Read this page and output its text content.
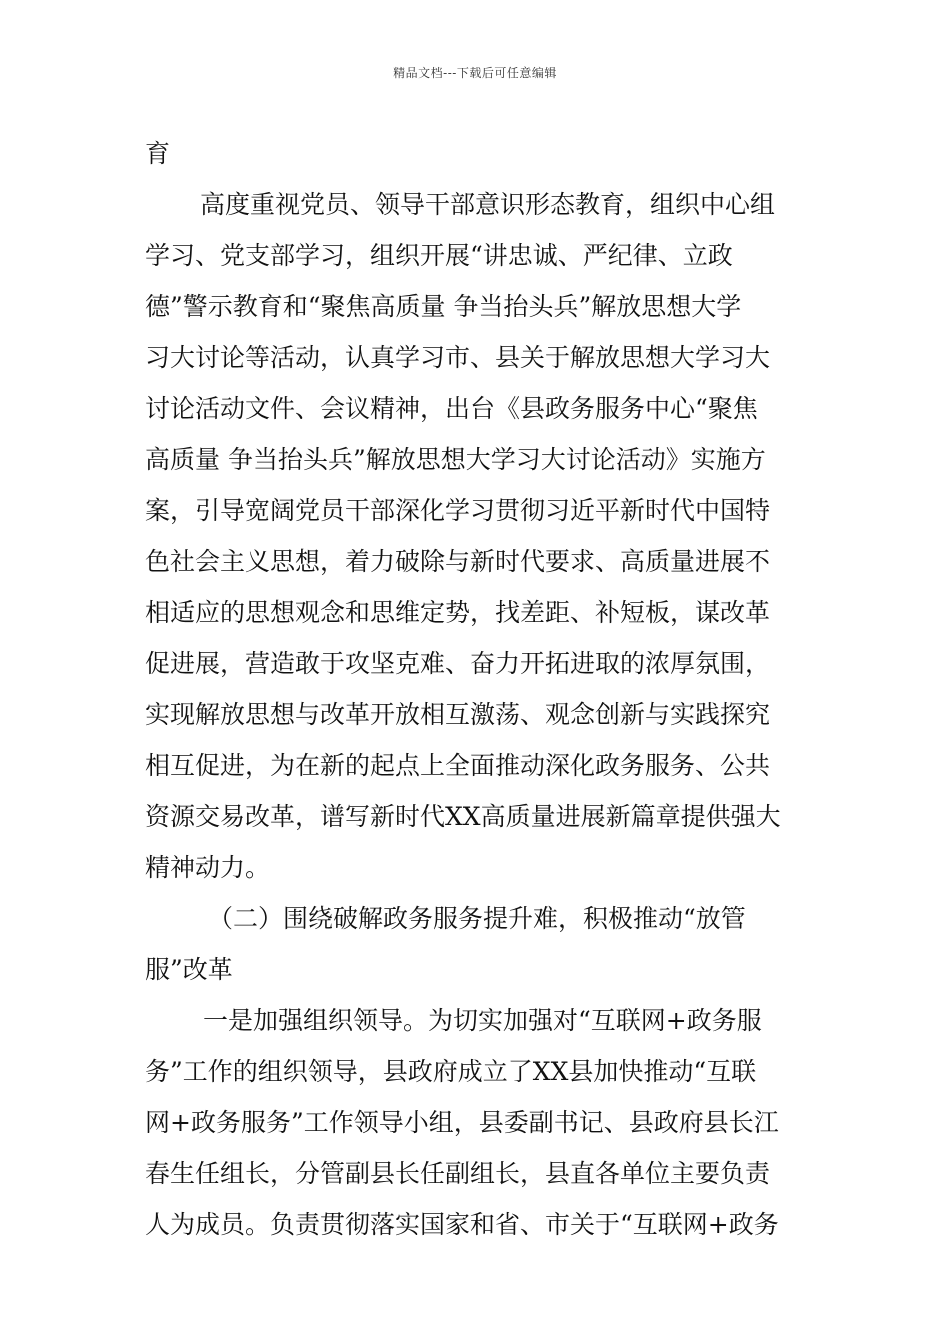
精品文档---下载后可任意编辑
育
高度重视党员、领导干部意识形态教育，组织中心组
学习、党支部学习，组织开展“讲忠诚、严纪律、立政
德”警示教育和“聚焦高质量 争当抬头兵”解放思想大学
习大讨论等活动，认真学习市、县关于解放思想大学习大
讨论活动文件、会议精神，出台《县政务服务中心“聚焦
高质量 争当抬头兵”解放思想大学习大讨论活动》实施方
案，引导宽阔党员干部深化学习贯彻习近平新时代中国特
色社会主义思想，着力破除与新时代要求、高质量进展不
相适应的思想观念和思维定势，找差距、补短板，谋改革
促进展，营造敢于攻坚克难、奋力开拓进取的浓厚氛围，
实现解放思想与改革开放相互激荡、观念创新与实践探究
相互促进，为在新的起点上全面推动深化政务服务、公共
资源交易改革，谱写新时代XX高质量进展新篇章提供强大
精神动力。
（二）围绕破解政务服务提升难，积极推动“放管
服”改革
一是加强组织领导。为切实加强对“互联网+政务服
务”工作的组织领导，县政府成立了XX县加快推动“互联
网+政务服务”工作领导小组，县委副书记、县政府县长江
春生任组长，分管副县长任副组长，县直各单位主要负责
人为成员。负责贯彻落实国家和省、市关于“互联网+政务
